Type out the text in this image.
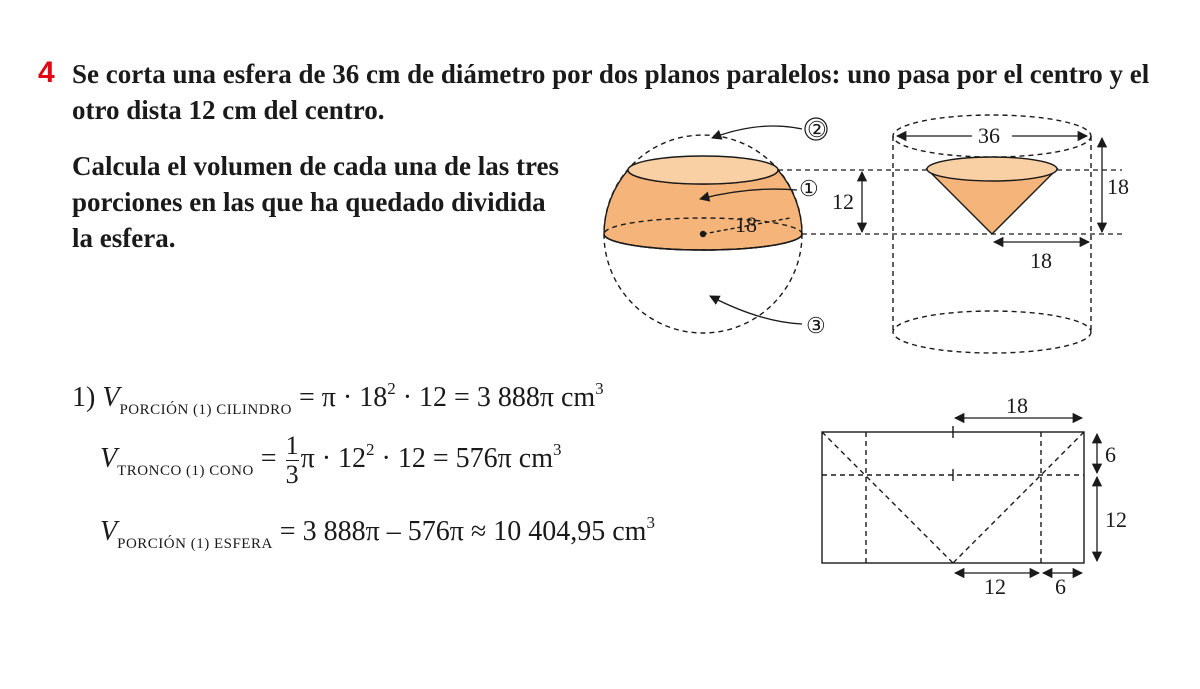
4 Se corta una esfera de 36 cm de diámetro por dos planos paralelos: uno pasa por el centro y el otro dista 12 cm del centro.
Calcula el volumen de cada una de las tres porciones en las que ha quedado dividida la esfera.	18
②
①
③
12
36
18
18
18
6
12
12 6
1) $V_{PORCIÓN (1) CILINDRO} = \pi \cdot 18^2 \cdot 12 = 3$ 888π $cm^3$
$V_{TRONCO (1) CONO} = \frac{1}{3}$ $\pi \cdot 12^2 \cdot 12 = 576\pi$ $cm^3$
$V_{PORCIÓN (1) ESFERA} = 3$ 888π – 576π ≈ 10 404,95 $cm^3$
